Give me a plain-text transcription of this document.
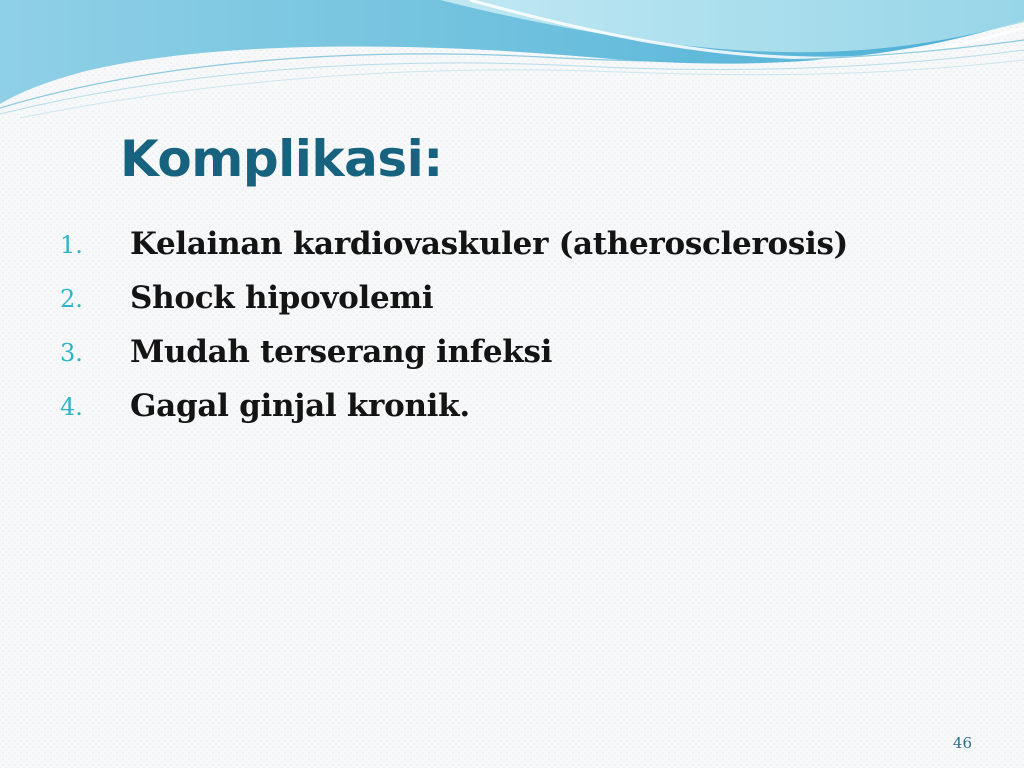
Komplikasi:
1. Kelainan kardiovaskuler (atherosclerosis)
2. Shock hipovolemi
3. Mudah terserang infeksi
4. Gagal ginjal kronik.
46
